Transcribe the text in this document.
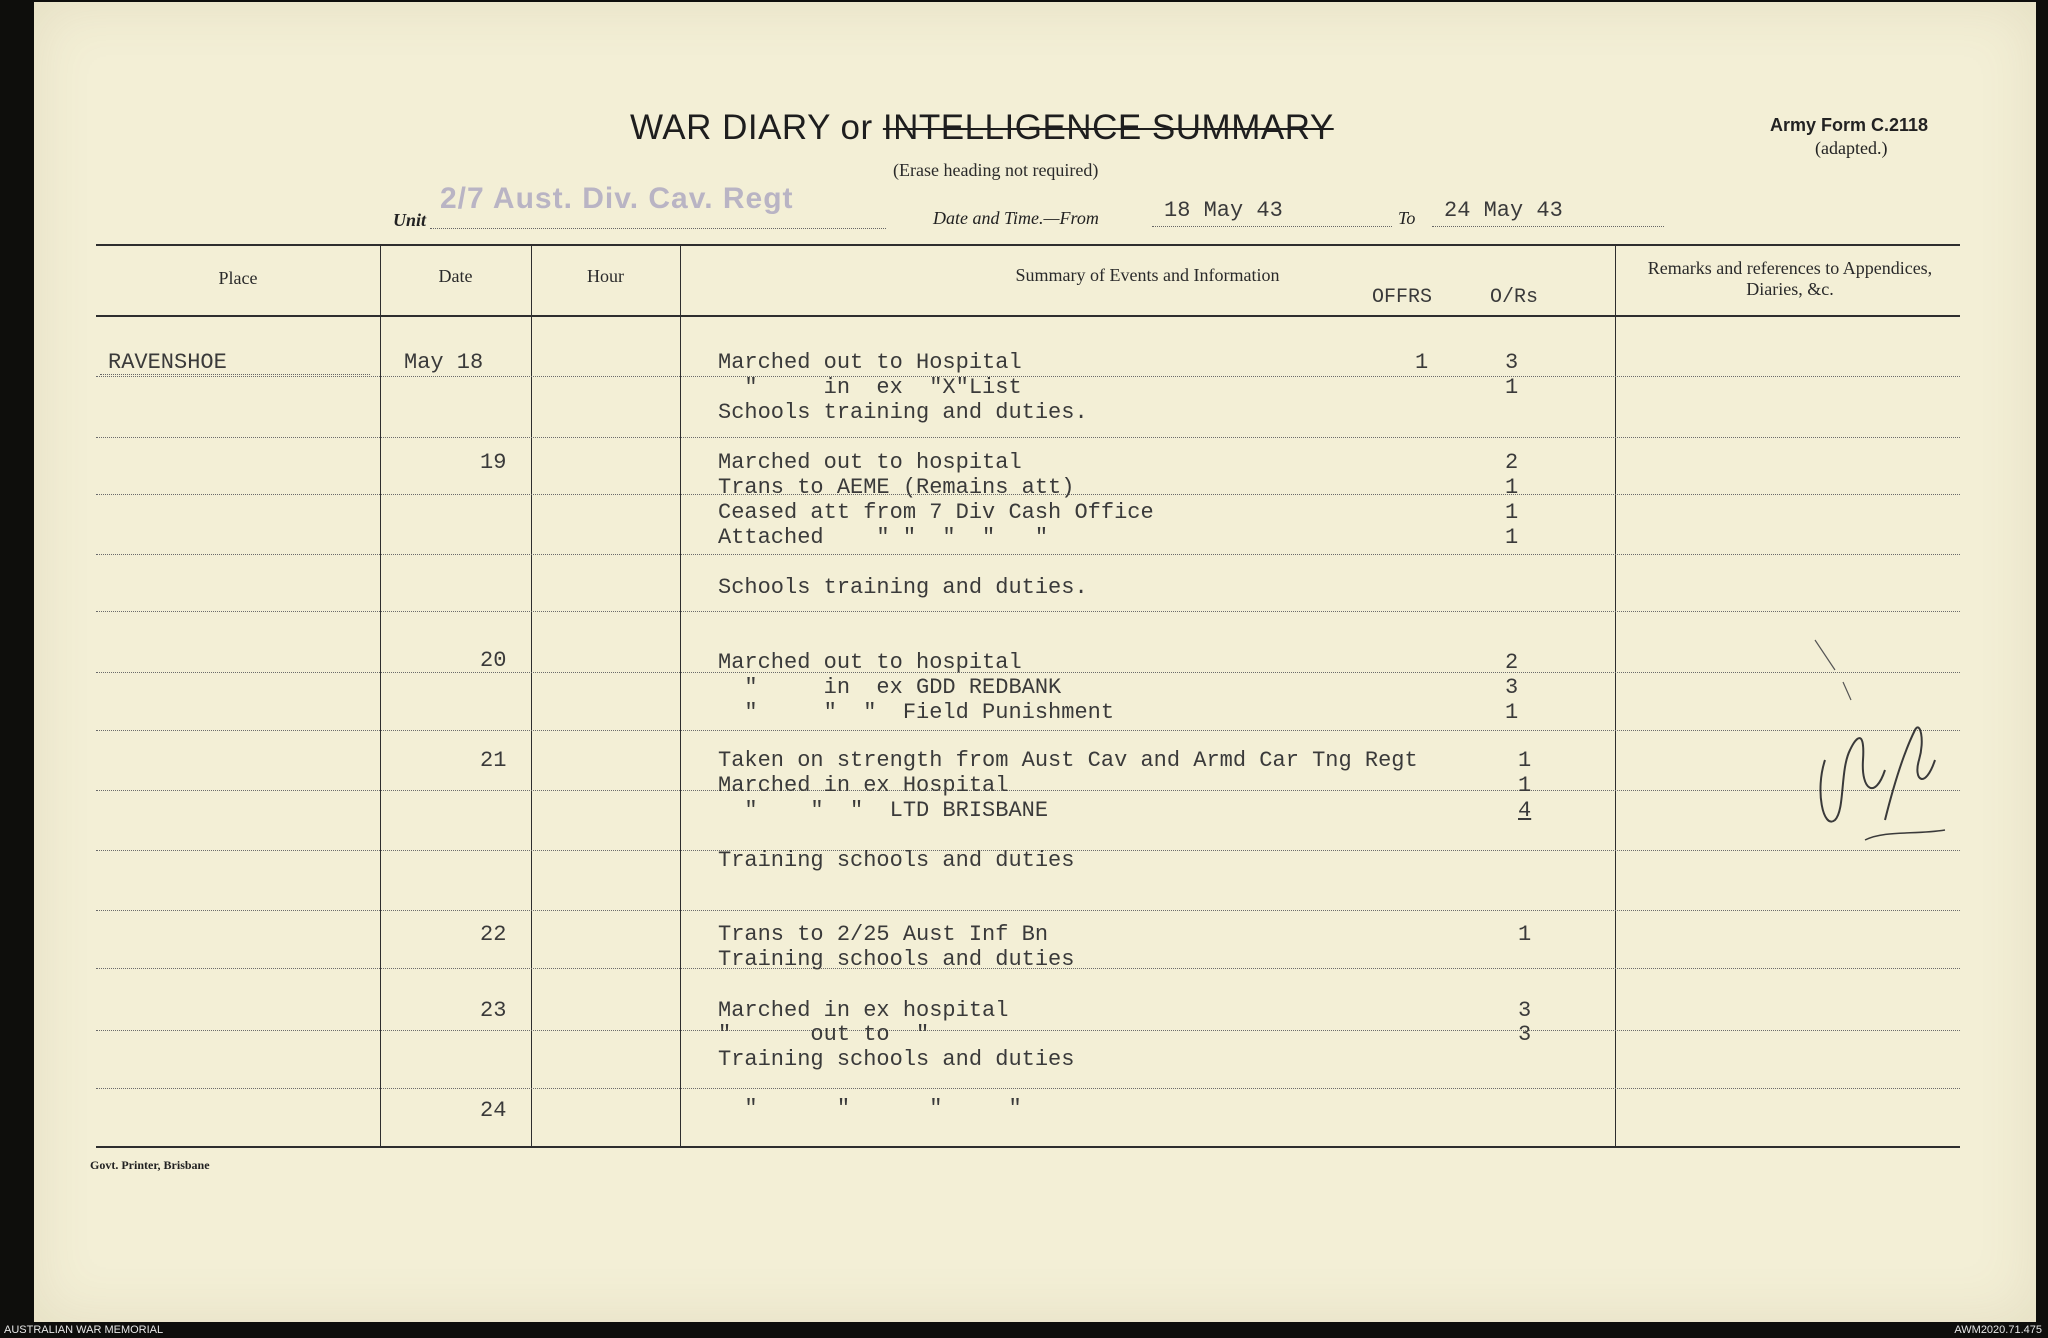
WAR DIARY or INTELLIGENCE SUMMARY
(Erase heading not required)
Army Form C.2118
(adapted.)
Unit
2/7 Aust. Div. Cav. Regt
Date and Time.—From	18 May 43	To 24 May 43
Place	Date	Hour	Summary of Events and Information
OFFRS	O/Rs
Remarks and references to Appendices, Diaries, &c.
RAVENSHOE	May 18	Marched out to Hospital	1	3
"     in  ex  "X"List	1
Schools training and duties.
19	Marched out to hospital	2
Trans to AEME (Remains att)	1
Ceased att from 7 Div Cash Office	1
Attached    " "  "  "   "	1
Schools training and duties.
20	Marched out to hospital	2
"     in  ex GDD REDBANK	3
"     "  "  Field Punishment	1
21	Taken on strength from Aust Cav and Armd Car Tng Regt	1
Marched in ex Hospital	1
"    "  "  LTD BRISBANE	4
Training schools and duties
22	Trans to 2/25 Aust Inf Bn	1
Training schools and duties
23	Marched in ex hospital	3
"      out to  "	3
Training schools and duties
24	"      "      "     "
Govt. Printer, Brisbane
AUSTRALIAN WAR MEMORIAL	AWM2020.71.475
